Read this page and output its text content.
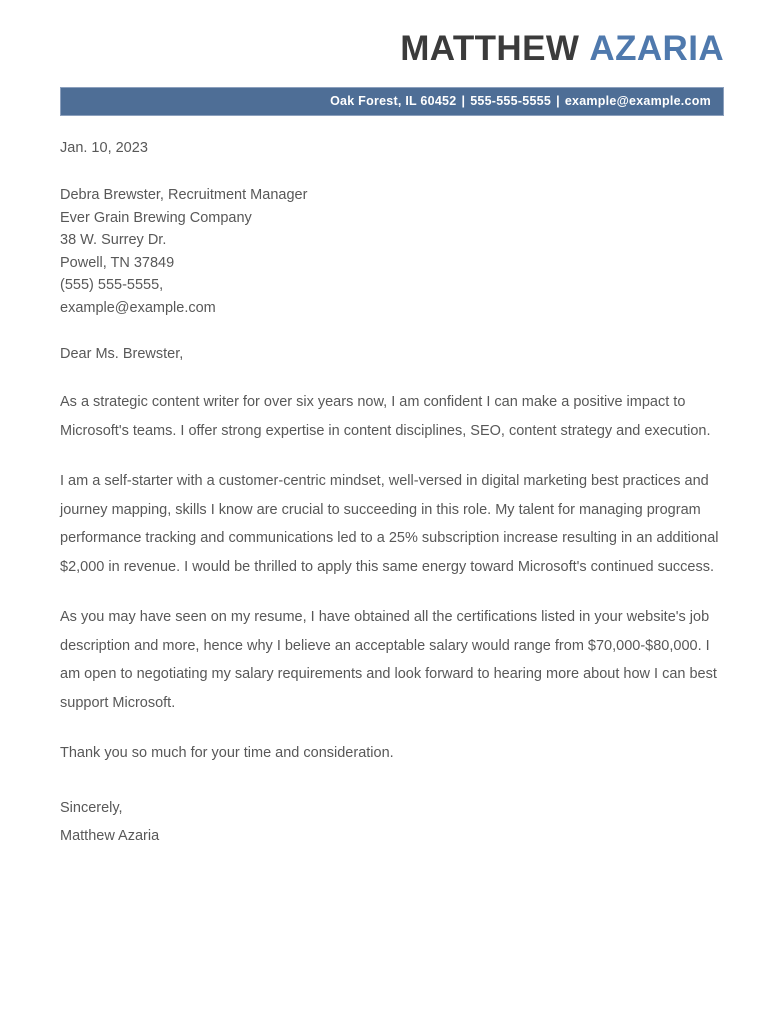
MATTHEW AZARIA
Oak Forest, IL 60452 | 555-555-5555 | example@example.com
Jan. 10, 2023
Debra Brewster, Recruitment Manager
Ever Grain Brewing Company
38 W. Surrey Dr.
Powell, TN 37849
(555) 555-5555,
example@example.com
Dear Ms. Brewster,
As a strategic content writer for over six years now, I am confident I can make a positive impact to Microsoft's teams. I offer strong expertise in content disciplines, SEO, content strategy and execution.
I am a self-starter with a customer-centric mindset, well-versed in digital marketing best practices and journey mapping, skills I know are crucial to succeeding in this role. My talent for managing program performance tracking and communications led to a 25% subscription increase resulting in an additional $2,000 in revenue. I would be thrilled to apply this same energy toward Microsoft's continued success.
As you may have seen on my resume, I have obtained all the certifications listed in your website's job description and more, hence why I believe an acceptable salary would range from $70,000-$80,000. I am open to negotiating my salary requirements and look forward to hearing more about how I can best support Microsoft.
Thank you so much for your time and consideration.
Sincerely,
Matthew Azaria
